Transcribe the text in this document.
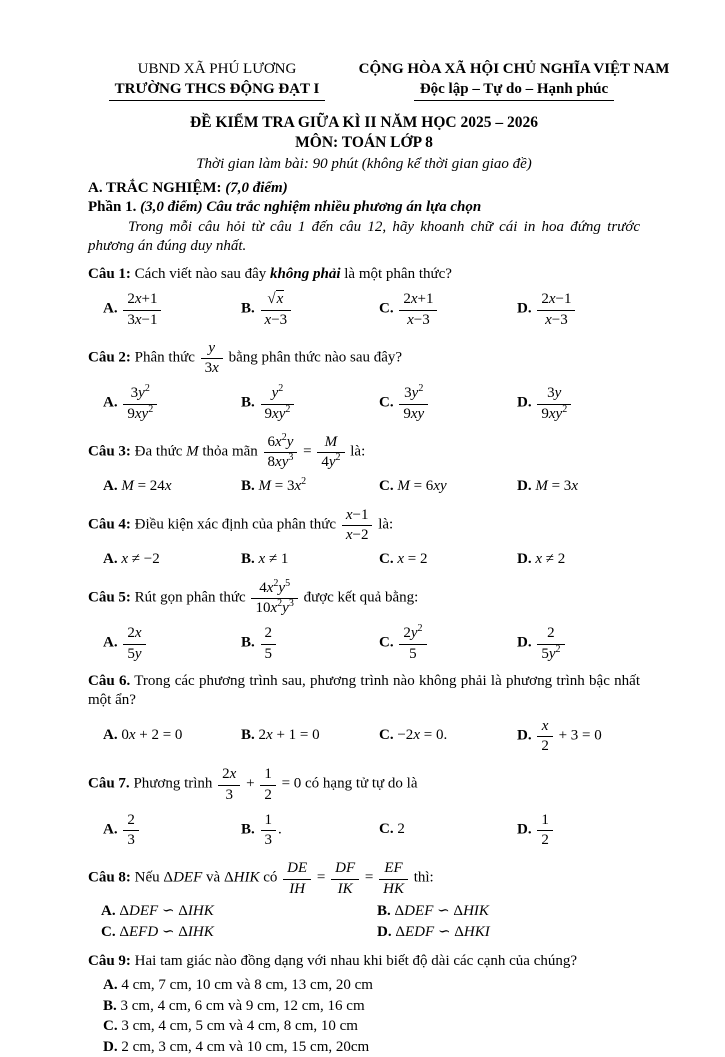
UBND XÃ PHÚ LƯƠNG
TRƯỜNG THCS ĐỘNG ĐẠT I
CỘNG HÒA XÃ HỘI CHỦ NGHĨA VIỆT NAM
Độc lập – Tự do – Hạnh phúc
ĐỀ KIỂM TRA GIỮA KÌ II NĂM HỌC 2025 – 2026
MÔN: TOÁN LỚP 8
Thời gian làm bài: 90 phút (không kể thời gian giao đề)
A. TRẮC NGHIỆM: (7,0 điểm)
Phần 1. (3,0 điểm) Câu trắc nghiệm nhiều phương án lựa chọn

Trong mỗi câu hỏi từ câu 1 đến câu 12, hãy khoanh chữ cái in hoa đứng trước phương án đúng duy nhất.

Câu 1: Cách viết nào sau đây không phải là một phân thức?
A. $\frac{2x+1}{3x-1}$	B. $\frac{√x}{x-3}$	C. $\frac{2x+1}{x-3}$	D. $\frac{2x-1}{x-3}$
Câu 2: Phân thức $\frac{y}{3x}$ bằng phân thức nào sau đây?
A. $\frac{3y^2}{9xy^2}$	B. $\frac{y^2}{9xy^2}$	C. $\frac{3y^2}{9xy}$	D. $\frac{3y}{9xy^2}$
Câu 3: Đa thức M thỏa mãn $\frac{6x^2y}{8xy^3} = \frac{M}{4y^2}$ là:
A. M = 24x	B. $M = 3x^2$	C. M = 6xy	D. M = 3x
Câu 4: Điều kiện xác định của phân thức $\frac{x-1}{x-2}$ là:
A. x ≠ −2	B. x ≠ 1	C. x = 2	D. x ≠ 2
Câu 5: Rút gọn phân thức $\frac{4x^2y^5}{10x^2y^3}$ được kết quả bằng:
A. $\frac{2x}{5y}$	B. $\frac{2}{5}$	C. $\frac{2y^2}{5}$	D. $\frac{2}{5y^2}$
Câu 6. Trong các phương trình sau, phương trình nào không phải là phương trình bậc nhất một ẩn?
A. 0x + 2 = 0	B. 2x + 1 = 0	C. −2x = 0.	D. $\frac{x}{2} + 3 = 0$
Câu 7. Phương trình $\frac{2x}{3} + \frac{1}{2} = 0$ có hạng tử tự do là
A. $\frac{2}{3}$	B. $\frac{1}{3}$ .	C. 2	D. $\frac{1}{2}$
Câu 8: Nếu ΔDEF và ΔHIK có $\frac{DE}{IH} = \frac{DF}{IK} = \frac{EF}{HK}$ thì:
A. ΔDEF ∽ ΔIHK	B. ΔDEF ∽ ΔHIK
C. ΔEFD ∽ ΔIHK	D. ΔEDF ∽ ΔHKI
Câu 9: Hai tam giác nào đồng dạng với nhau khi biết độ dài các cạnh của chúng?
A. 4 cm, 7 cm, 10 cm và 8 cm, 13 cm, 20 cm
B. 3 cm, 4 cm, 6 cm và 9 cm, 12 cm, 16 cm
C. 3 cm, 4 cm, 5 cm và 4 cm, 8 cm, 10 cm
D. 2 cm, 3 cm, 4 cm và 10 cm, 15 cm, 20cm
